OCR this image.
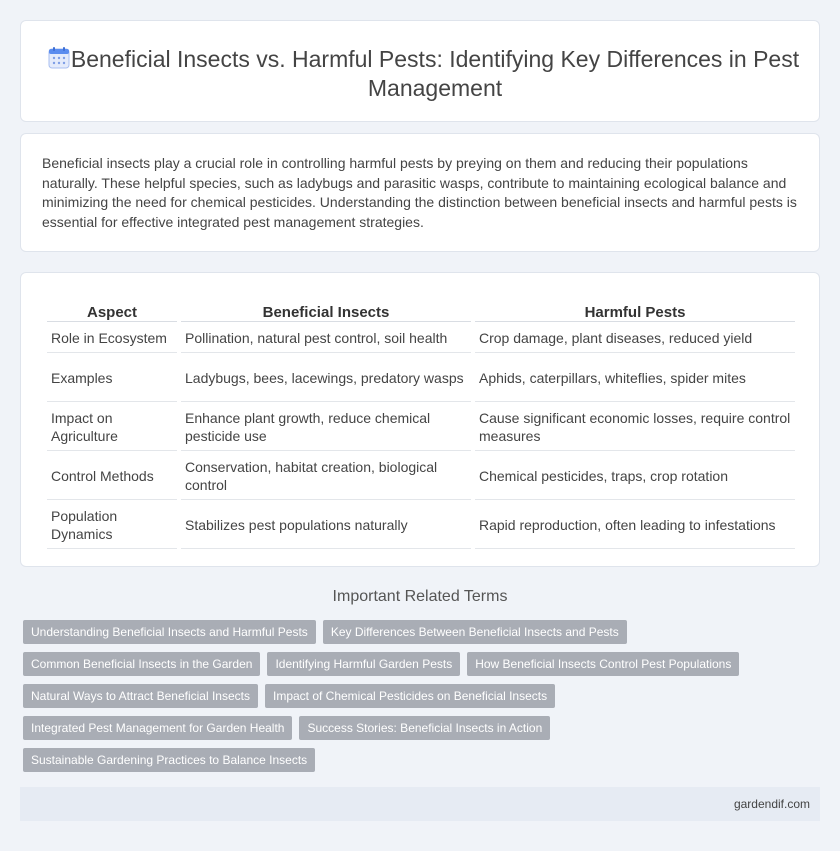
Beneficial Insects vs. Harmful Pests: Identifying Key Differences in Pest Management

Beneficial insects play a crucial role in controlling harmful pests by preying on them and reducing their populations naturally. These helpful species, such as ladybugs and parasitic wasps, contribute to maintaining ecological balance and minimizing the need for chemical pesticides. Understanding the distinction between beneficial insects and harmful pests is essential for effective integrated pest management strategies.

Aspect	Beneficial Insects	Harmful Pests
Role in Ecosystem	Pollination, natural pest control, soil health	Crop damage, plant diseases, reduced yield
Examples	Ladybugs, bees, lacewings, predatory wasps	Aphids, caterpillars, whiteflies, spider mites
Impact on Agriculture	Enhance plant growth, reduce chemical pesticide use	Cause significant economic losses, require control measures
Control Methods	Conservation, habitat creation, biological control	Chemical pesticides, traps, crop rotation
Population Dynamics	Stabilizes pest populations naturally	Rapid reproduction, often leading to infestations
Important Related Terms
Understanding Beneficial Insects and Harmful Pests	Key Differences Between Beneficial Insects and Pests
Common Beneficial Insects in the Garden	Identifying Harmful Garden Pests	How Beneficial Insects Control Pest Populations
Natural Ways to Attract Beneficial Insects	Impact of Chemical Pesticides on Beneficial Insects
Integrated Pest Management for Garden Health	Success Stories: Beneficial Insects in Action
Sustainable Gardening Practices to Balance Insects
gardendif.com
